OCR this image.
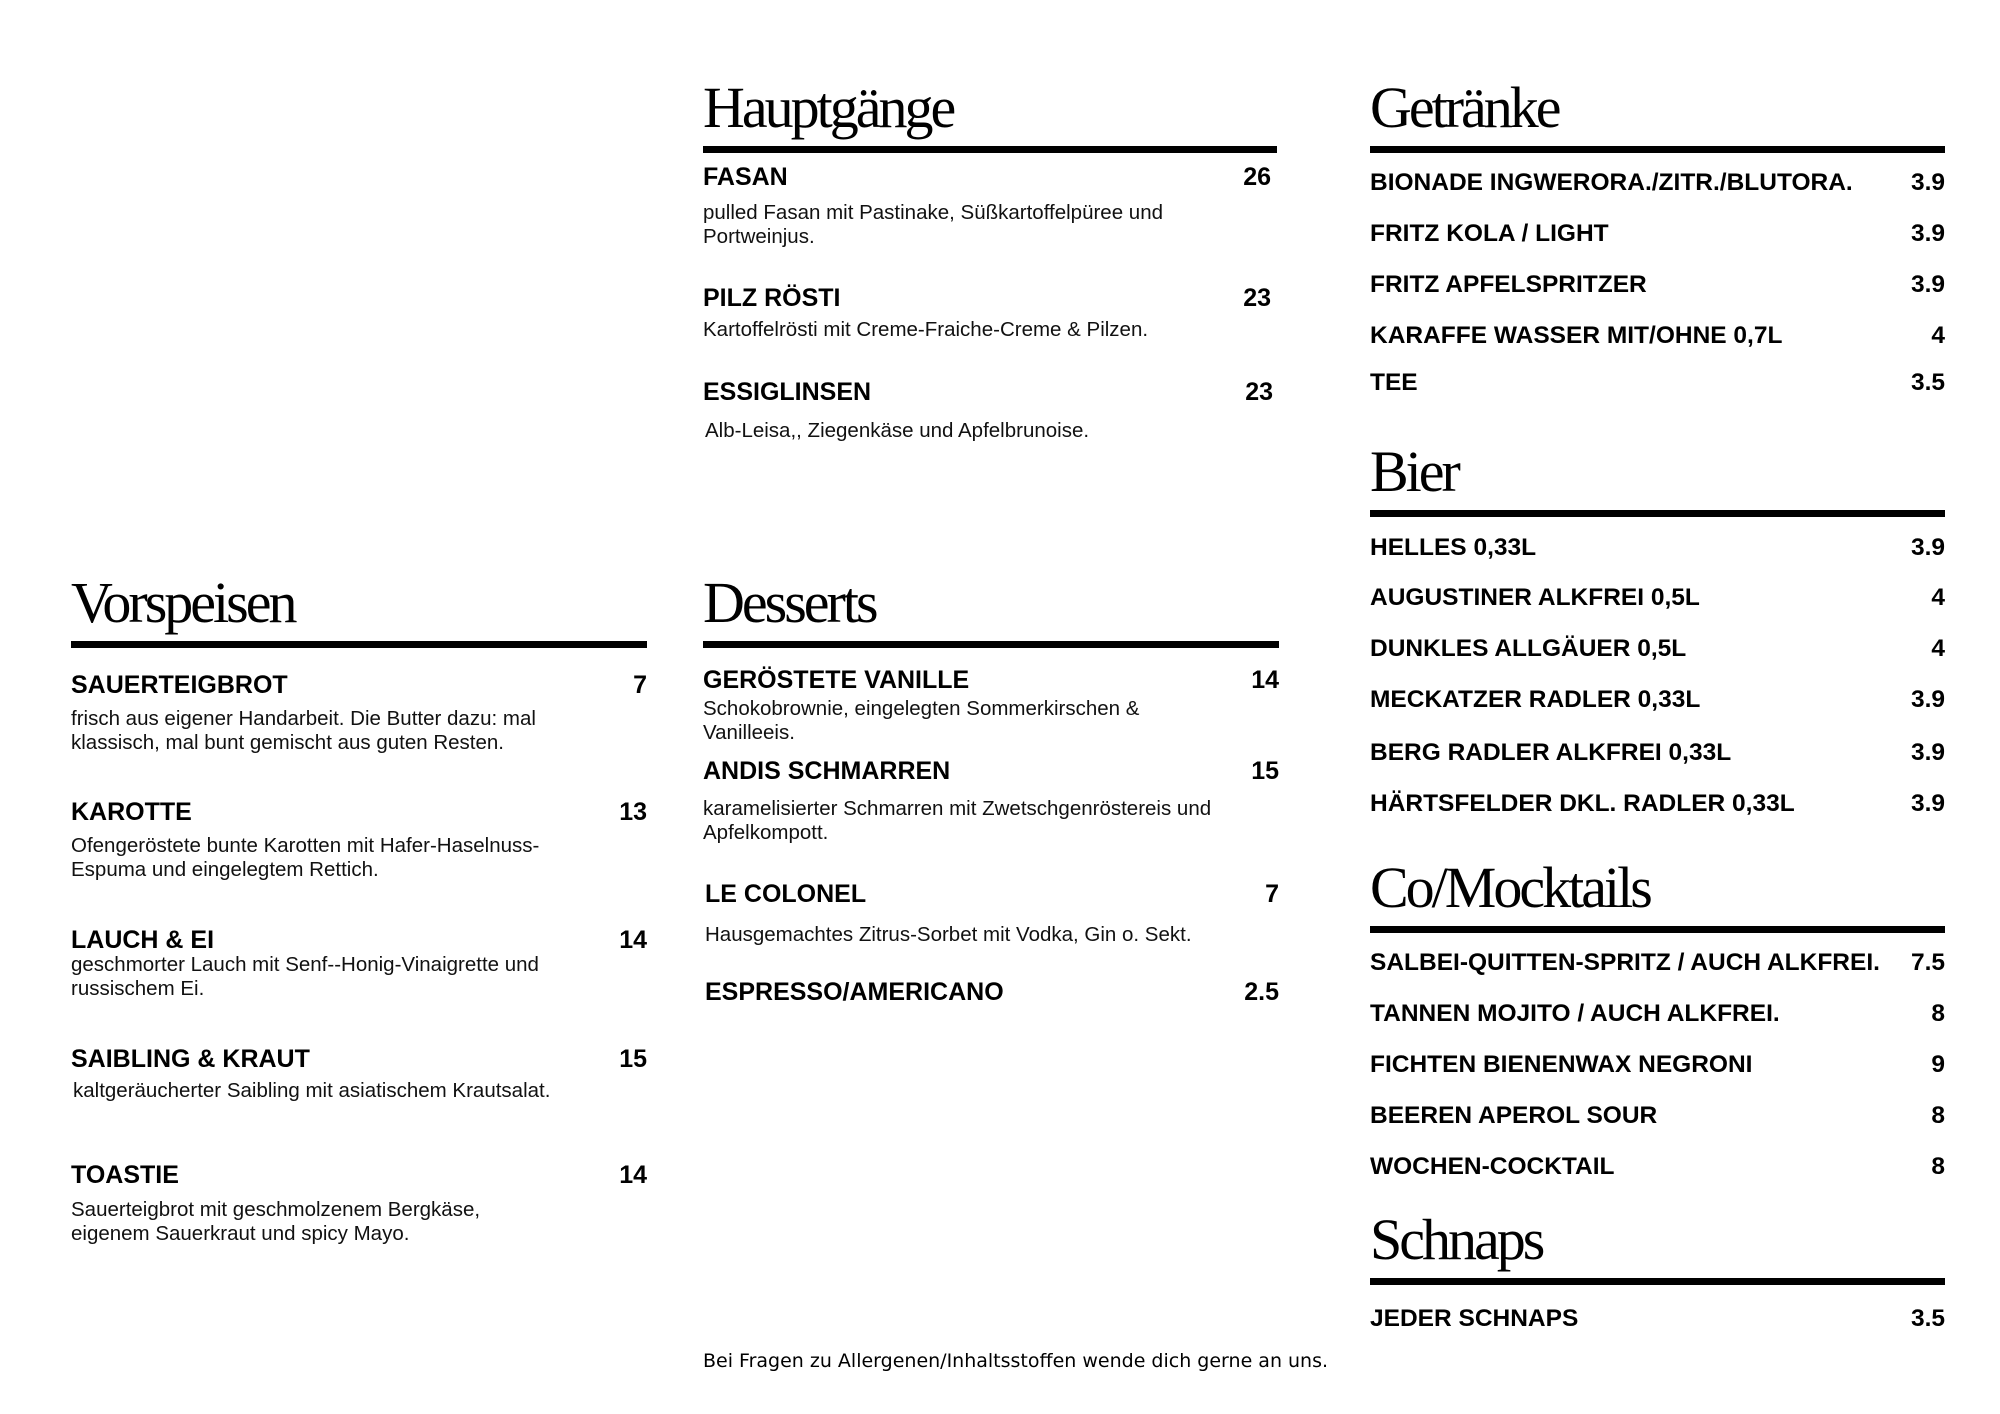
Vorspeisen
SAUERTEIGBROT	7
frisch aus eigener Handarbeit. Die Butter dazu: mal klassisch, mal bunt gemischt aus guten Resten.
KAROTTE	13
Ofengeröstete bunte Karotten mit Hafer-Haselnuss-Espuma und eingelegtem Rettich.
LAUCH & EI	14
geschmorter Lauch mit Senf--Honig-Vinaigrette und russischem Ei.
SAIBLING & KRAUT	15
kaltgeräucherter Saibling mit asiatischem Krautsalat.
TOASTIE	14
Sauerteigbrot mit geschmolzenem Bergkäse, eigenem Sauerkraut und spicy Mayo.
Hauptgänge
FASAN	26
pulled Fasan mit Pastinake, Süßkartoffelpüree und Portweinjus.
PILZ RÖSTI	23
Kartoffelrösti mit Creme-Fraiche-Creme & Pilzen.
ESSIGLINSEN	23
Alb-Leisa,, Ziegenkäse und Apfelbrunoise.
Desserts
GERÖSTETE VANILLE	14
Schokobrownie, eingelegten Sommerkirschen & Vanilleeis.
ANDIS SCHMARREN	15
karamelisierter Schmarren mit Zwetschgenröstereis und Apfelkompott.
LE COLONEL	7
Hausgemachtes Zitrus-Sorbet mit Vodka, Gin o. Sekt.
ESPRESSO/AMERICANO	2.5
Getränke
BIONADE INGWERORA./ZITR./BLUTORA. 3.9
FRITZ KOLA / LIGHT	3.9
FRITZ APFELSPRITZER	3.9
KARAFFE WASSER MIT/OHNE 0,7L	4
TEE	3.5
Bier
HELLES 0,33L	3.9
AUGUSTINER ALKFREI 0,5L	4
DUNKLES ALLGÄUER 0,5L	4
MECKATZER RADLER 0,33L	3.9
BERG RADLER ALKFREI 0,33L	3.9
HÄRTSFELDER DKL. RADLER 0,33L	3.9
Co/Mocktails
SALBEI-QUITTEN-SPRITZ / AUCH ALKFREI. 7.5
TANNEN MOJITO / AUCH ALKFREI.	8
FICHTEN BIENENWAX NEGRONI	9
BEEREN APEROL SOUR	8
WOCHEN-COCKTAIL	8
Schnaps
JEDER SCHNAPS	3.5
Bei Fragen zu Allergenen/Inhaltsstoffen wende dich gerne an uns.
